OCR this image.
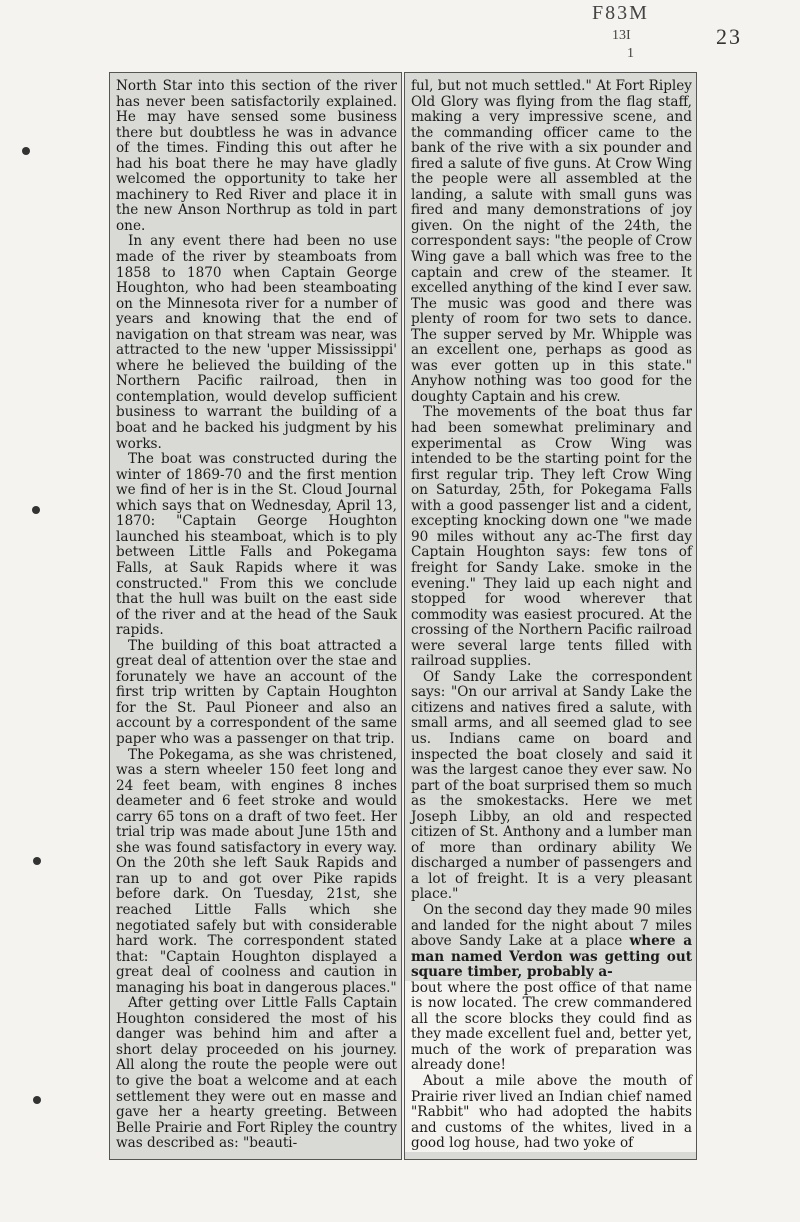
F83M
13I
1
23

North Star into this section of the river has never been satisfactorily explained. He may have sensed some business there but doubtless he was in advance of the times. Finding this out after he had his boat there he may have gladly welcomed the opportunity to take her machinery to Red River and place it in the new Anson Northrup as told in part one.

In any event there had been no use made of the river by steamboats from 1858 to 1870 when Captain George Houghton, who had been steamboating on the Minnesota river for a number of years and knowing that the end of navigation on that stream was near, was attracted to the new 'upper Mississippi' where he believed the building of the Northern Pacific railroad, then in contemplation, would develop sufficient business to warrant the building of a boat and he backed his judgment by his works.

The boat was constructed during the winter of 1869-70 and the first mention we find of her is in the St. Cloud Journal which says that on Wednesday, April 13, 1870: "Captain George Houghton launched his steamboat, which is to ply between Little Falls and Pokegama Falls, at Sauk Rapids where it was constructed." From this we conclude that the hull was built on the east side of the river and at the head of the Sauk rapids.

The building of this boat attracted a great deal of attention over the stae and forunately we have an account of the first trip written by Captain Houghton for the St. Paul Pioneer and also an account by a correspondent of the same paper who was a passenger on that trip.

The Pokegama, as she was christened, was a stern wheeler 150 feet long and 24 feet beam, with engines 8 inches deameter and 6 feet stroke and would carry 65 tons on a draft of two feet. Her trial trip was made about June 15th and she was found satisfactory in every way. On the 20th she left Sauk Rapids and ran up to and got over Pike rapids before dark. On Tuesday, 21st, she reached Little Falls which she negotiated safely but with considerable hard work. The correspondent stated that: "Captain Houghton displayed a great deal of coolness and caution in managing his boat in dangerous places."

After getting over Little Falls Captain Houghton considered the most of his danger was behind him and after a short delay proceeded on his journey. All along the route the people were out to give the boat a welcome and at each settlement they were out en masse and gave her a hearty greeting. Between Belle Prairie and Fort Ripley the country was described as: "beauti-

ful, but not much settled." At Fort Ripley Old Glory was flying from the flag staff, making a very impressive scene, and the commanding officer came to the bank of the rive with a six pounder and fired a salute of five guns. At Crow Wing the people were all assembled at the landing, a salute with small guns was fired and many demonstrations of joy given. On the night of the 24th, the correspondent says: "the people of Crow Wing gave a ball which was free to the captain and crew of the steamer. It excelled anything of the kind I ever saw. The music was good and there was plenty of room for two sets to dance. The supper served by Mr. Whipple was an excellent one, perhaps as good as was ever gotten up in this state." Anyhow nothing was too good for the doughty Captain and his crew.

The movements of the boat thus far had been somewhat preliminary and experimental as Crow Wing was intended to be the starting point for the first regular trip. They left Crow Wing on Saturday, 25th, for Pokegama Falls with a good passenger list and a cident, excepting knocking down one "we made 90 miles without any ac-The first day Captain Houghton says: few tons of freight for Sandy Lake. smoke in the evening." They laid up each night and stopped for wood wherever that commodity was easiest procured. At the crossing of the Northern Pacific railroad were several large tents filled with railroad supplies.

Of Sandy Lake the correspondent says: "On our arrival at Sandy Lake the citizens and natives fired a salute, with small arms, and all seemed glad to see us. Indians came on board and inspected the boat closely and said it was the largest canoe they ever saw. No part of the boat surprised them so much as the smokestacks. Here we met Joseph Libby, an old and respected citizen of St. Anthony and a lumber man of more than ordinary ability We discharged a number of passengers and a lot of freight. It is a very pleasant place."

On the second day they made 90 miles and landed for the night about 7 miles above Sandy Lake at a place where a man named Verdon was getting out square timber, probably a-

bout where the post office of that name is now located. The crew commandered all the score blocks they could find as they made excellent fuel and, better yet, much of the work of preparation was already done!

About a mile above the mouth of Prairie river lived an Indian chief named "Rabbit" who had adopted the habits and customs of the whites, lived in a good log house, had two yoke of
